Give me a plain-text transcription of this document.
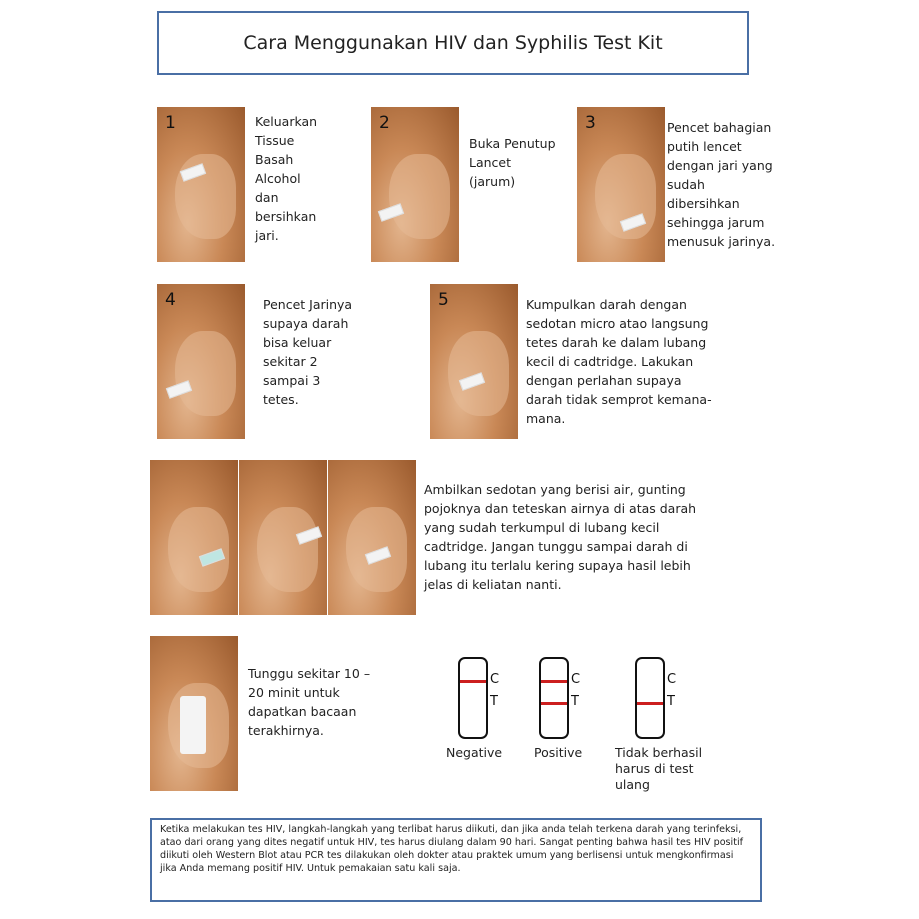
Cara Menggunakan HIV dan Syphilis Test Kit
1	Keluarkan
Tissue
Basah
Alcohol
dan
bersihkan
jari.
2
Buka Penutup
Lancet
(jarum)
3	Pencet bahagian
putih lencet
dengan jari yang
sudah
dibersihkan
sehingga jarum
menusuk jarinya.
4	Pencet Jarinya
supaya darah
bisa keluar
sekitar 2
sampai 3
tetes.
5	Kumpulkan darah dengan
sedotan micro atao langsung
tetes darah ke dalam lubang
kecil di cadtridge. Lakukan
dengan perlahan supaya
darah tidak semprot kemana-
mana.
Ambilkan sedotan yang berisi air, gunting
pojoknya dan teteskan airnya di atas darah
yang sudah terkumpul di lubang kecil
cadtridge. Jangan tunggu sampai darah di
lubang itu terlalu kering supaya hasil lebih
jelas di keliatan nanti.
Tunggu sekitar 10 –
20 minit untuk
dapatkan bacaan
terakhirnya.
C
T
Negative
C
T
Positive
C
T
Tidak berhasil
harus di test
ulang
Ketika melakukan tes HIV, langkah-langkah yang terlibat harus diikuti, dan jika anda telah terkena darah yang terinfeksi, atao dari orang yang dites negatif untuk HIV, tes harus diulang dalam 90 hari. Sangat penting bahwa hasil tes HIV positif diikuti oleh Western Blot atau PCR tes dilakukan oleh dokter atau praktek umum yang berlisensi untuk mengkonfirmasi jika Anda memang positif HIV. Untuk pemakaian satu kali saja.
